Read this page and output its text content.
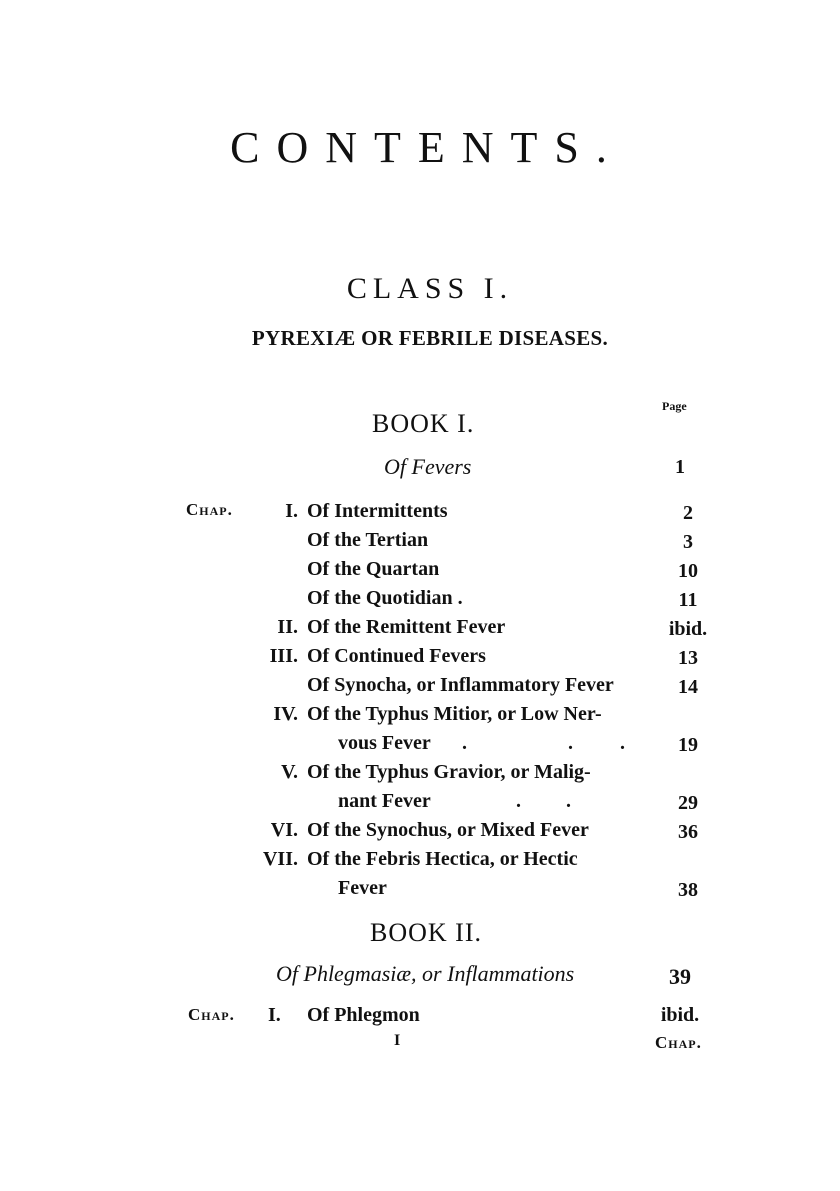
CONTENTS.
CLASS I.
PYREXIÆ OR FEBRILE DISEASES.
Page
BOOK I.
Of Fevers	1
Chap.	I. Of Intermittents	2
Of the Tertian	3
Of the Quartan	10
Of the Quotidian .	11
II. Of the Remittent Fever	ibid.
III. Of Continued Fevers	13
Of Synocha, or Inflammatory Fever	14
IV. Of the Typhus Mitior, or Low Ner-
vous Fever .	. .	19
V. Of the Typhus Gravior, or Malig-
nant Fever	. .	29
VI. Of the Synochus, or Mixed Fever	36
VII. Of the Febris Hectica, or Hectic
Fever	38
BOOK II.
Of Phlegmasiæ, or Inflammations	39
Chap. I. Of Phlegmon	ibid.
I	Chap.
